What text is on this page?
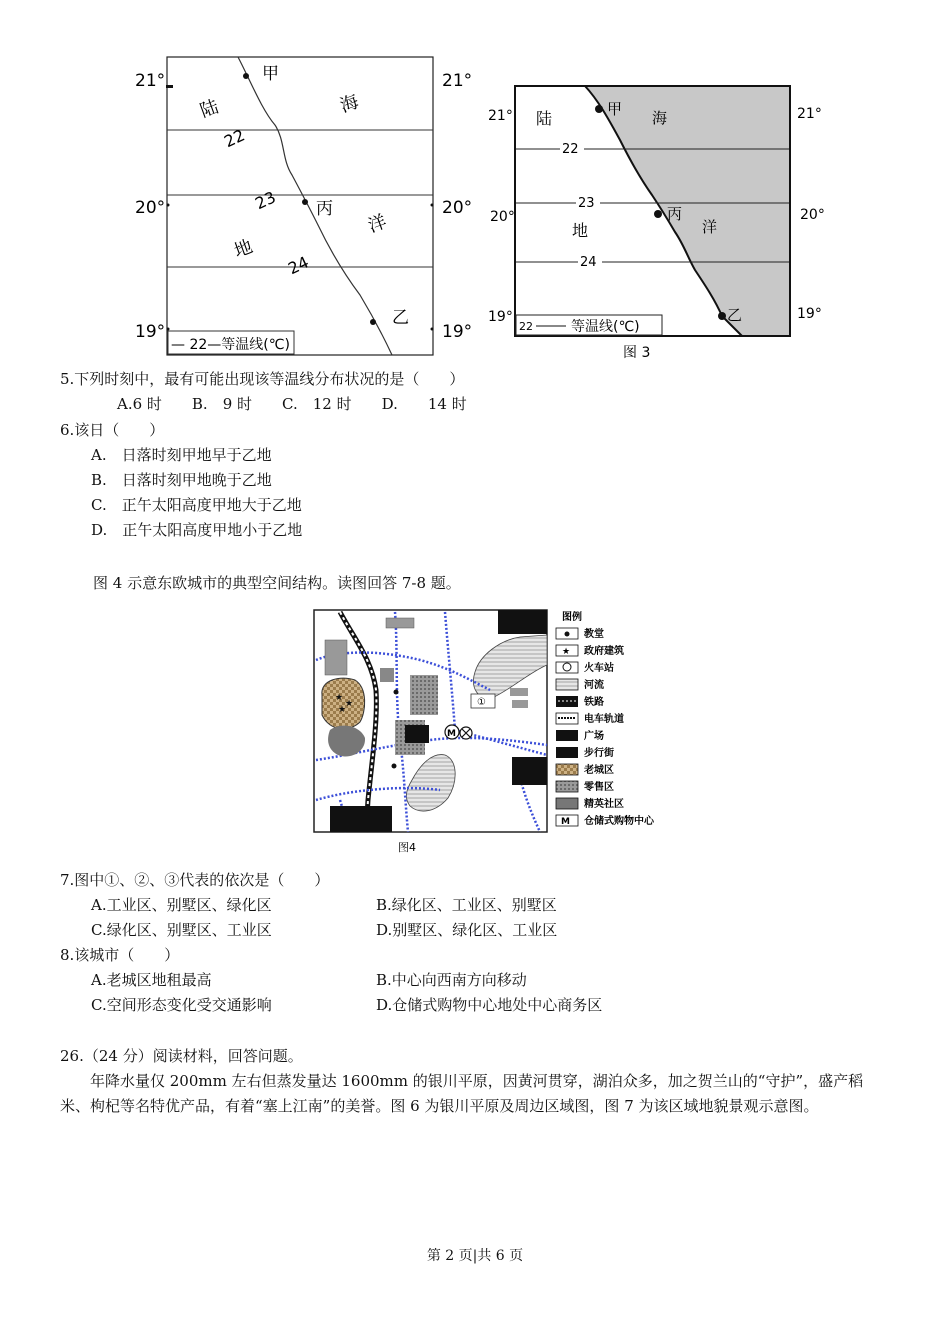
21°
20°
19°
21°
20°
19°
甲
丙
乙
陆
地
海
洋
22
23
24
— 22—等温线(℃)
21°
20°
19°
21°
20°
19°
甲
丙
乙
陆
地
海
洋
22
23
24
22	等温线(℃)
图 3
5.下列时刻中，最有可能出现该等温线分布状况的是（　　）
A.6 时　　B.　9 时　　C.　12 时　　D.　　14 时
6.该日（　　）
A.　日落时刻甲地早于乙地
B.　日落时刻甲地晚于乙地
C.　正午太阳高度甲地大于乙地
D.　正午太阳高度甲地小于乙地
图 4 示意东欧城市的典型空间结构。读图回答 7-8 题。
★
★
★
①
M
图4
图例
★
M
教堂
政府建筑
火车站
河流
铁路
电车轨道
广场
步行街
老城区
零售区
精英社区
仓储式购物中心
7.图中①、②、③代表的依次是（　　）
A.工业区、别墅区、绿化区	B.绿化区、工业区、别墅区
C.绿化区、别墅区、工业区	D.别墅区、绿化区、工业区
8.该城市（　　）
A.老城区地租最高	B.中心向西南方向移动
C.空间形态变化受交通影响	D.仓储式购物中心地处中心商务区
26.（24 分）阅读材料，回答问题。
年降水量仅 200mm 左右但蒸发量达 1600mm 的银川平原，因黄河贯穿，湖泊众多，加之贺兰山的“守护”，盛产稻米、枸杞等名特优产品，有着“塞上江南”的美誉。图 6 为银川平原及周边区域图，图 7 为该区域地貌景观示意图。
第 2 页|共 6 页
